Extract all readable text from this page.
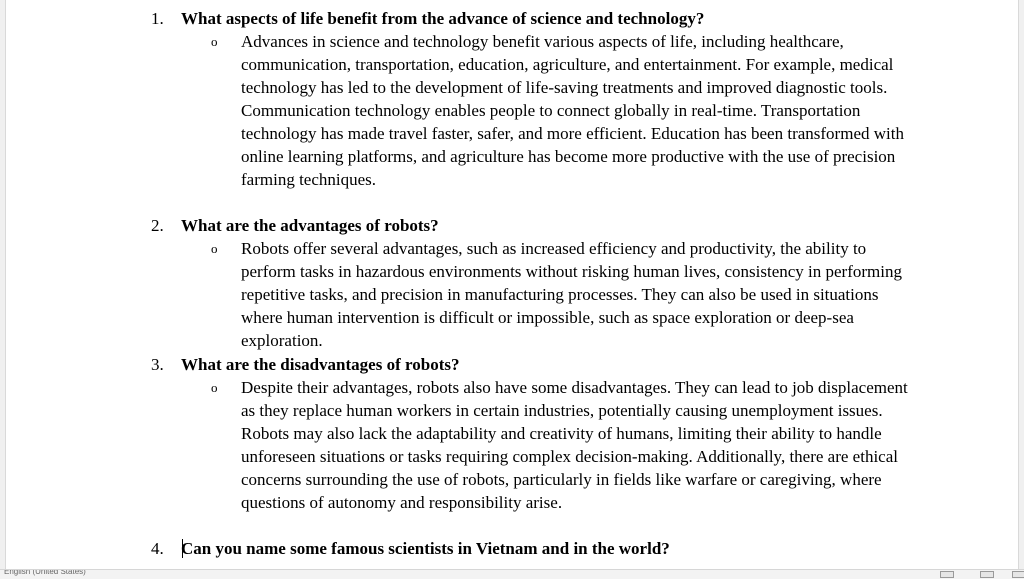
1. What aspects of life benefit from the advance of science and technology?
o Advances in science and technology benefit various aspects of life, including healthcare, communication, transportation, education, agriculture, and entertainment. For example, medical technology has led to the development of life-saving treatments and improved diagnostic tools. Communication technology enables people to connect globally in real-time. Transportation technology has made travel faster, safer, and more efficient. Education has been transformed with online learning platforms, and agriculture has become more productive with the use of precision farming techniques.
2. What are the advantages of robots?
o Robots offer several advantages, such as increased efficiency and productivity, the ability to perform tasks in hazardous environments without risking human lives, consistency in performing repetitive tasks, and precision in manufacturing processes. They can also be used in situations where human intervention is difficult or impossible, such as space exploration or deep-sea exploration.
3. What are the disadvantages of robots?
o Despite their advantages, robots also have some disadvantages. They can lead to job displacement as they replace human workers in certain industries, potentially causing unemployment issues. Robots may also lack the adaptability and creativity of humans, limiting their ability to handle unforeseen situations or tasks requiring complex decision-making. Additionally, there are ethical concerns surrounding the use of robots, particularly in fields like warfare or caregiving, where questions of autonomy and responsibility arise.
4. Can you name some famous scientists in Vietnam and in the world?
English (United States)
